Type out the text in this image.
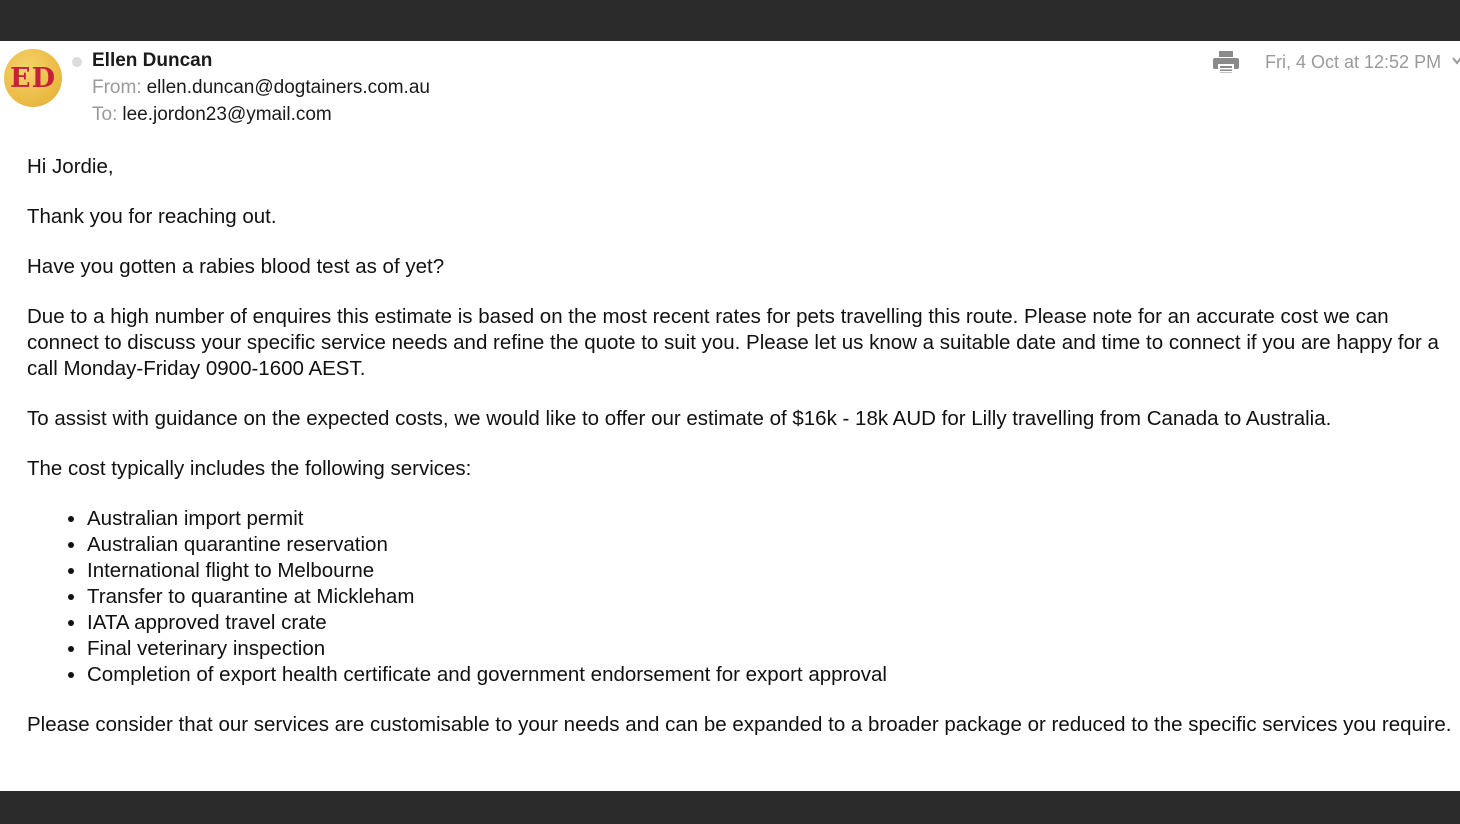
ED
Ellen Duncan
From: ellen.duncan@dogtainers.com.au
To: lee.jordon23@ymail.com
Fri, 4 Oct at 12:52 PM

Hi Jordie,

Thank you for reaching out.

Have you gotten a rabies blood test as of yet?

Due to a high number of enquires this estimate is based on the most recent rates for pets travelling this route. Please note for an accurate cost we can connect to discuss your specific service needs and refine the quote to suit you. Please let us know a suitable date and time to connect if you are happy for a call Monday-Friday 0900-1600 AEST.

To assist with guidance on the expected costs, we would like to offer our estimate of $16k - 18k AUD for Lilly travelling from Canada to Australia.

The cost typically includes the following services:

• Australian import permit
• Australian quarantine reservation
• International flight to Melbourne
• Transfer to quarantine at Mickleham
• IATA approved travel crate
• Final veterinary inspection
• Completion of export health certificate and government endorsement for export approval

Please consider that our services are customisable to your needs and can be expanded to a broader package or reduced to the specific services you require.
